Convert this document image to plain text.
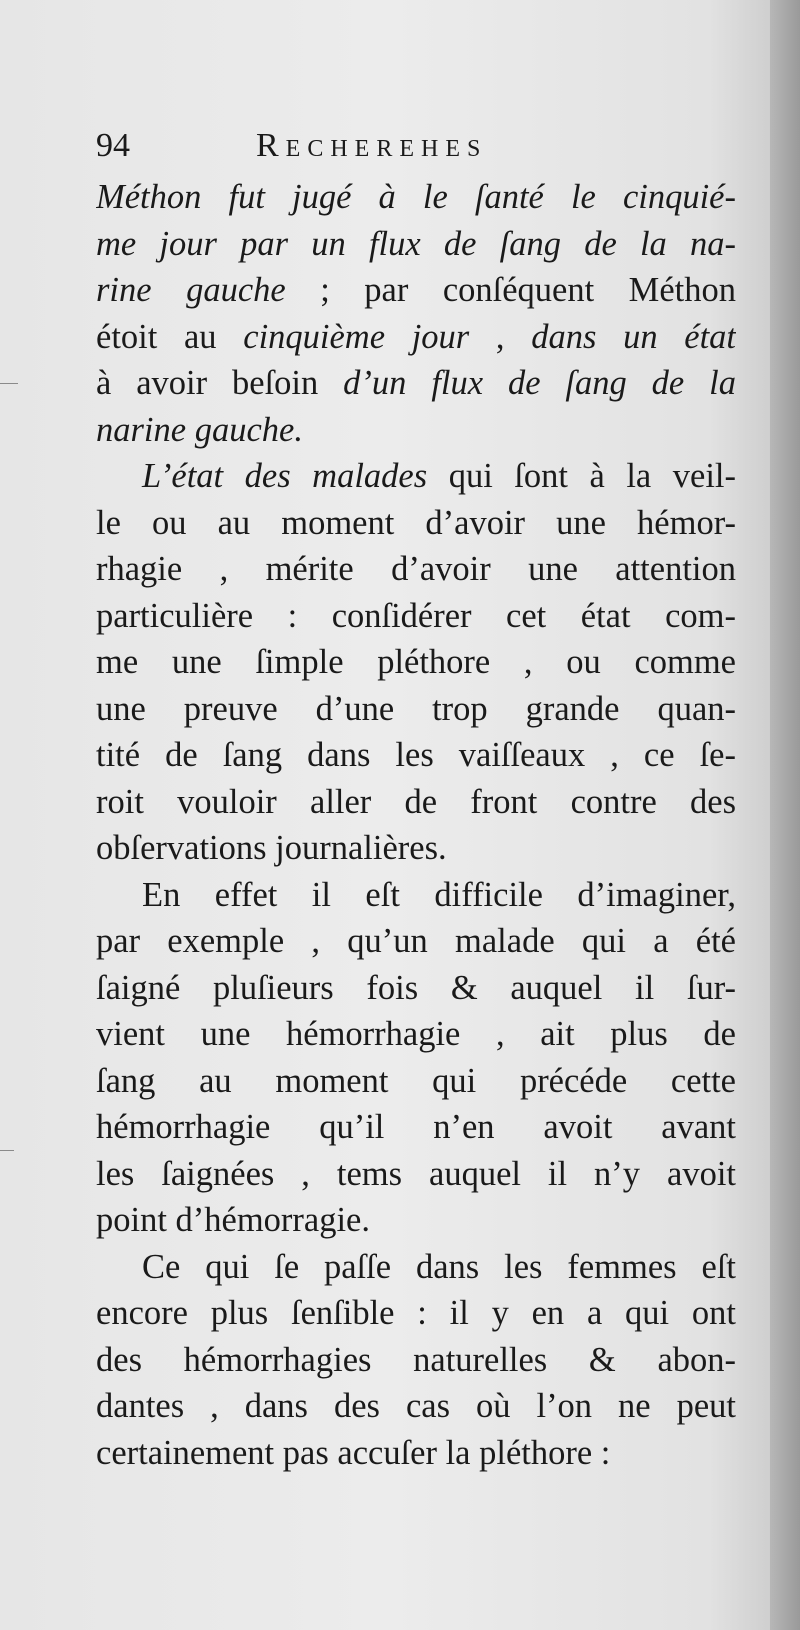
94	Recherehes
Méthon fut jugé à le ſanté le cinquié-
me jour par un flux de ſang de la na-
rine gauche ; par conſéquent Méthon
étoit au cinquième jour , dans un état
à avoir beſoin d’un flux de ſang de la
narine gauche.
L’état des malades qui ſont à la veil-
le ou au moment d’avoir une hémor-
rhagie , mérite d’avoir une attention
particulière : conſidérer cet état com-
me une ſimple pléthore , ou comme
une preuve d’une trop grande quan-
tité de ſang dans les vaiſſeaux , ce ſe-
roit vouloir aller de front contre des
obſervations journalières.
En effet il eſt difficile d’imaginer,
par exemple , qu’un malade qui a été
ſaigné pluſieurs fois & auquel il ſur-
vient une hémorrhagie , ait plus de
ſang au moment qui précéde cette
hémorrhagie qu’il n’en avoit avant
les ſaignées , tems auquel il n’y avoit
point d’hémorragie.
Ce qui ſe paſſe dans les femmes eſt
encore plus ſenſible : il y en a qui ont
des hémorrhagies naturelles & abon-
dantes , dans des cas où l’on ne peut
certainement pas accuſer la pléthore :
